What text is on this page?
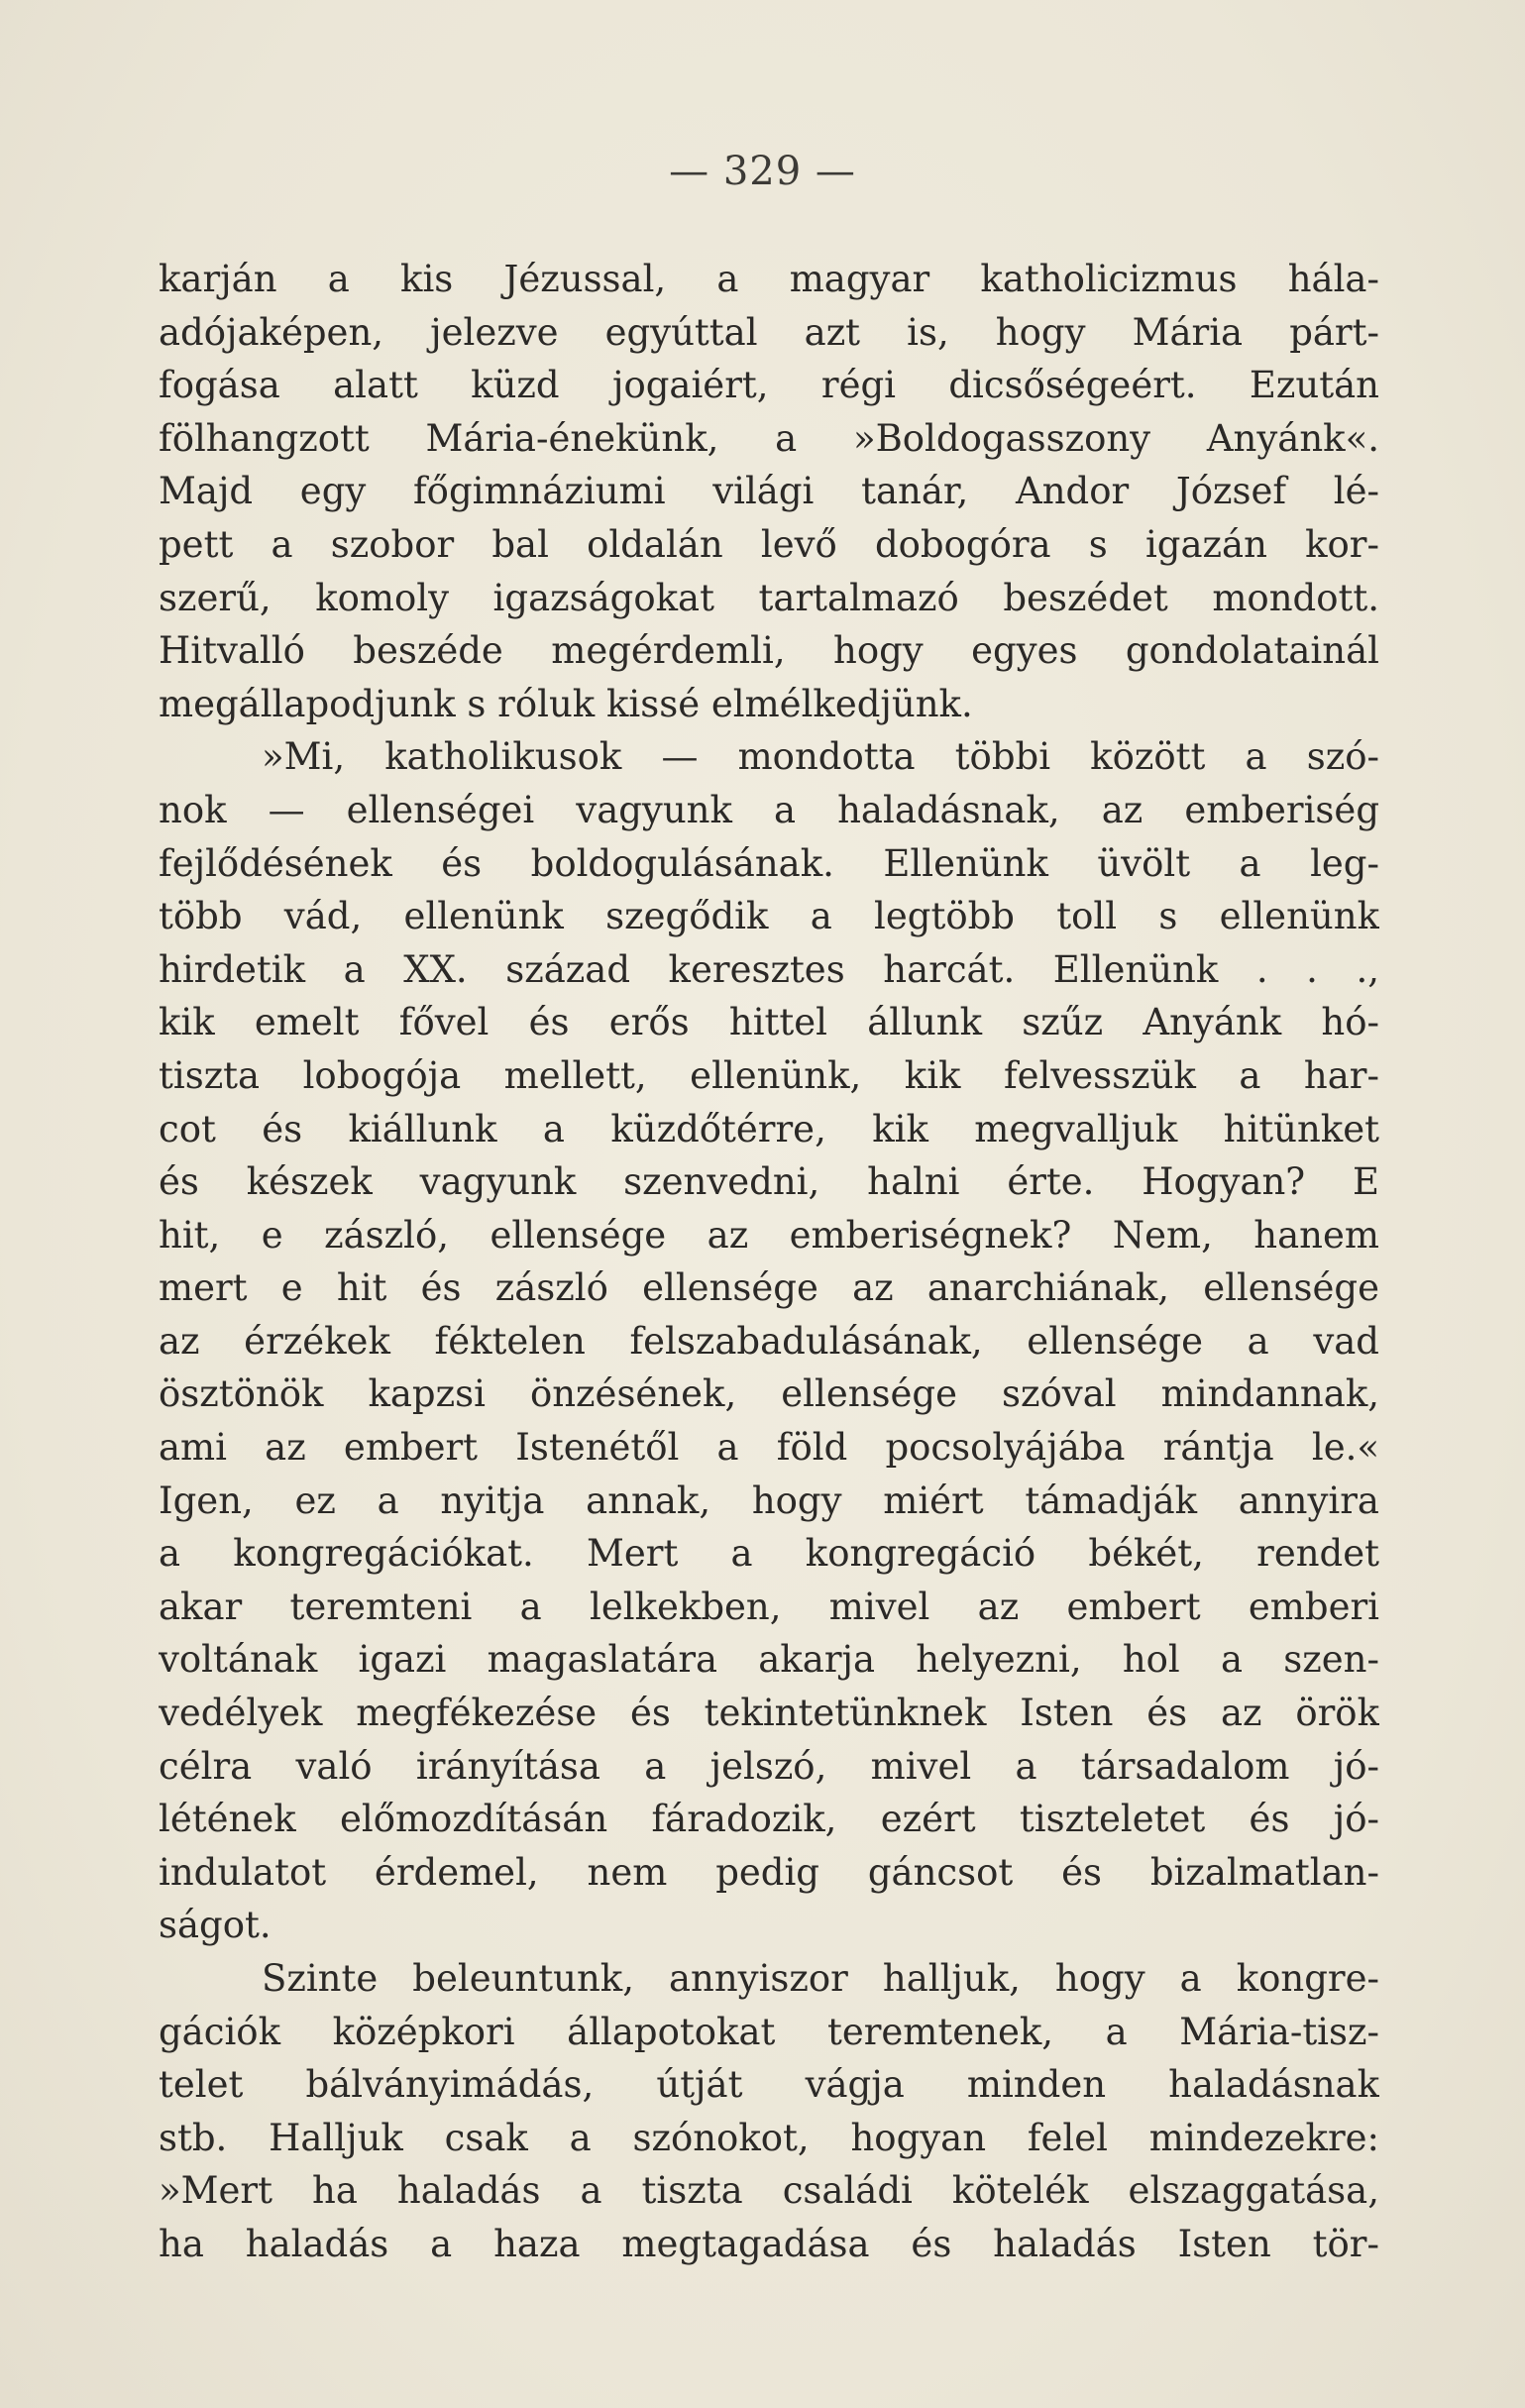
— 329 —
karján a kis Jézussal, a magyar katholicizmus hála-
adójaképen, jelezve egyúttal azt is, hogy Mária párt-
fogása alatt küzd jogaiért, régi dicsőségeért. Ezután
fölhangzott Mária-énekünk, a »Boldogasszony Anyánk«.
Majd egy főgimnáziumi világi tanár, Andor József lé-
pett a szobor bal oldalán levő dobogóra s igazán kor-
szerű, komoly igazságokat tartalmazó beszédet mondott.
Hitvalló beszéde megérdemli, hogy egyes gondolatainál
megállapodjunk s róluk kissé elmélkedjünk.
»Mi, katholikusok — mondotta többi között a szó-
nok — ellenségei vagyunk a haladásnak, az emberiség
fejlődésének és boldogulásának. Ellenünk üvölt a leg-
több vád, ellenünk szegődik a legtöbb toll s ellenünk
hirdetik a XX. század keresztes harcát. Ellenünk . . .,
kik emelt fővel és erős hittel állunk szűz Anyánk hó-
tiszta lobogója mellett, ellenünk, kik felvesszük a har-
cot és kiállunk a küzdőtérre, kik megvalljuk hitünket
és készek vagyunk szenvedni, halni érte. Hogyan? E
hit, e zászló, ellensége az emberiségnek? Nem, hanem
mert e hit és zászló ellensége az anarchiának, ellensége
az érzékek féktelen felszabadulásának, ellensége a vad
ösztönök kapzsi önzésének, ellensége szóval mindannak,
ami az embert Istenétől a föld pocsolyájába rántja le.«
Igen, ez a nyitja annak, hogy miért támadják annyira
a kongregációkat. Mert a kongregáció békét, rendet
akar teremteni a lelkekben, mivel az embert emberi
voltának igazi magaslatára akarja helyezni, hol a szen-
vedélyek megfékezése és tekintetünknek Isten és az örök
célra való irányítása a jelszó, mivel a társadalom jó-
létének előmozdításán fáradozik, ezért tiszteletet és jó-
indulatot érdemel, nem pedig gáncsot és bizalmatlan-
ságot.
Szinte beleuntunk, annyiszor halljuk, hogy a kongre-
gációk középkori állapotokat teremtenek, a Mária-tisz-
telet bálványimádás, útját vágja minden haladásnak
stb. Halljuk csak a szónokot, hogyan felel mindezekre:
»Mert ha haladás a tiszta családi kötelék elszaggatása,
ha haladás a haza megtagadása és haladás Isten tör-
